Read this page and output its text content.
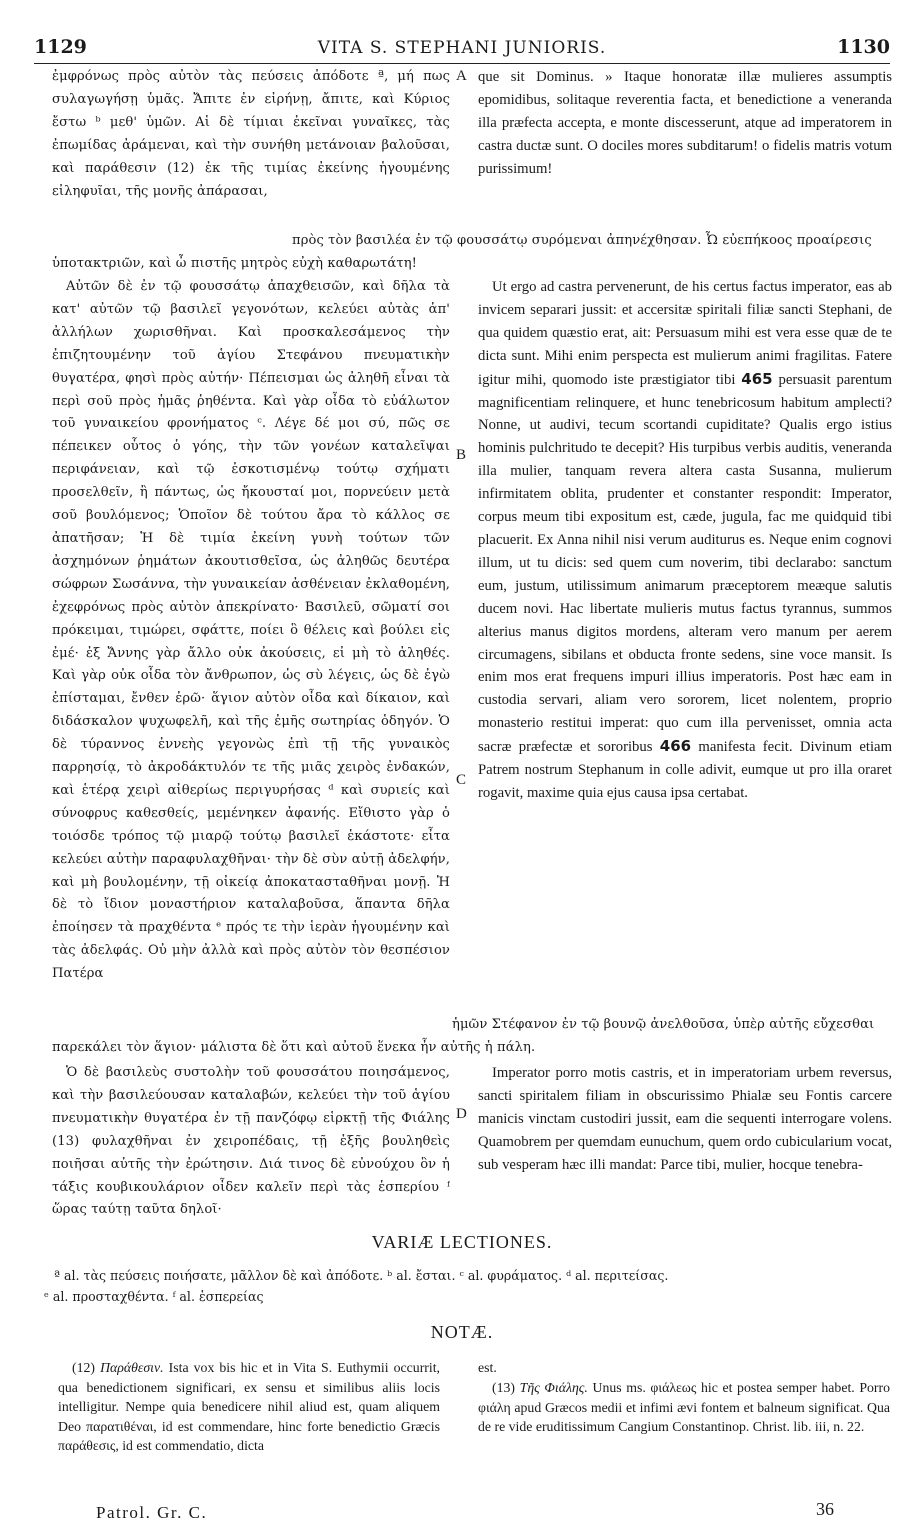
1129	VITA S. STEPHANI JUNIORIS.	1130

ἐμφρόνως πρὸς αὐτὸν τὰς πεύσεις ἀπόδοτε ª, μή πως συλαγωγήσῃ ὑμᾶς. Ἄπιτε ἐν εἰρήνῃ, ἄπιτε, καὶ Κύριος ἔστω ᵇ μεθ' ὑμῶν. Αἱ δὲ τίμιαι ἐκεῖναι γυναῖκες, τὰς ἐπωμίδας ἀράμεναι, καὶ τὴν συνήθη μετάνοιαν βαλοῦσαι, καὶ παράθεσιν (12) ἐκ τῆς τιμίας ἐκείνης ἡγουμένης εἰληφυῖαι, τῆς μονῆς ἀπάρασαι,

πρὸς τὸν βασιλέα ἐν τῷ φουσσάτῳ συρόμεναι ἀπηνέχθησαν. Ὦ εὐεπήκοος προαίρεσις ὑποτακτριῶν, καὶ ὦ πιστῆς μητρὸς εὐχὴ καθαρωτάτη!

Αὐτῶν δὲ ἐν τῷ φουσσάτῳ ἀπαχθεισῶν, καὶ δῆλα τὰ κατ' αὐτῶν τῷ βασιλεῖ γεγονότων, κελεύει αὐτὰς ἀπ' ἀλλήλων χωρισθῆναι. Καὶ προσκαλεσάμενος τὴν ἐπιζητουμένην τοῦ ἁγίου Στεφάνου πνευματικὴν θυγατέρα, φησὶ πρὸς αὐτήν· Πέπεισμαι ὡς ἀληθῆ εἶναι τὰ περὶ σοῦ πρὸς ἡμᾶς ῥηθέντα. Καὶ γὰρ οἶδα τὸ εὐάλωτον τοῦ γυναικείου φρονήματος ᶜ. Λέγε δέ μοι σύ, πῶς σε πέπεικεν οὗτος ὁ γόης, τὴν τῶν γονέων καταλεῖψαι περιφάνειαν, καὶ τῷ ἐσκοτισμένῳ τούτῳ σχήματι προσελθεῖν, ἢ πάντως, ὡς ἤκουσταί μοι, πορνεύειν μετὰ σοῦ βουλόμενος; Ὁποῖον δὲ τούτου ἄρα τὸ κάλλος σε ἀπατῆσαν; Ἡ δὲ τιμία ἐκείνη γυνὴ τούτων τῶν ἀσχημόνων ῥημάτων ἀκουτισθεῖσα, ὡς ἀληθῶς δευτέρα σώφρων Σωσάννα, τὴν γυναικείαν ἀσθένειαν ἐκλαθομένη, ἐχεφρόνως πρὸς αὐτὸν ἀπεκρίνατο· Βασιλεῦ, σῶματί σοι πρόκειμαι, τιμώρει, σφάττε, ποίει ὃ θέλεις καὶ βούλει εἰς ἐμέ· ἐξ Ἄννης γὰρ ἄλλο οὐκ ἀκούσεις, εἰ μὴ τὸ ἀληθές. Καὶ γὰρ οὐκ οἶδα τὸν ἄνθρωπον, ὡς σὺ λέγεις, ὡς δὲ ἐγὼ ἐπίσταμαι, ἔνθεν ἐρῶ· ἅγιον αὐτὸν οἶδα καὶ δίκαιον, καὶ διδάσκαλον ψυχωφελῆ, καὶ τῆς ἐμῆς σωτηρίας ὁδηγόν. Ὁ δὲ τύραννος ἐννεὴς γεγονὼς ἐπὶ τῇ τῆς γυναικὸς παρρησίᾳ, τὸ ἀκροδάκτυλόν τε τῆς μιᾶς χειρὸς ἐνδακών, καὶ ἑτέρᾳ χειρὶ αἰθερίως περιγυρήσας ᵈ καὶ συριείς καὶ σύνοφρυς καθεσθείς, μεμένηκεν ἀφανής. Εἴθιστο γὰρ ὁ τοιόσδε τρόπος τῷ μιαρῷ τούτῳ βασιλεῖ ἑκάστοτε· εἶτα κελεύει αὐτὴν παραφυλαχθῆναι· τὴν δὲ σὺν αὐτῇ ἀδελφήν, καὶ μὴ βουλομένην, τῇ οἰκείᾳ ἀποκατασταθῆναι μονῇ. Ἡ δὲ τὸ ἴδιον μοναστήριον καταλαβοῦσα, ἅπαντα δῆλα ἐποίησεν τὰ πραχθέντα ᵉ πρός τε τὴν ἱερὰν ἡγουμένην καὶ τὰς ἀδελφάς. Οὐ μὴν ἀλλὰ καὶ πρὸς αὐτὸν τὸν θεσπέσιον Πατέρα

ἡμῶν Στέφανον ἐν τῷ βουνῷ ἀνελθοῦσα, ὑπὲρ αὐτῆς εὔχεσθαι παρεκάλει τὸν ἅγιον· μάλιστα δὲ ὅτι καὶ αὐτοῦ ἕνεκα ἦν αὐτῆς ἡ πάλη.

Ὁ δὲ βασιλεὺς συστολὴν τοῦ φουσσάτου ποιησάμενος, καὶ τὴν βασιλεύουσαν καταλαβών, κελεύει τὴν τοῦ ἁγίου πνευματικὴν θυγατέρα ἐν τῇ πανζόφῳ εἱρκτῇ τῆς Φιάλης (13) φυλαχθῆναι ἐν χειροπέδαις, τῇ ἑξῆς βουληθεὶς ποιῆσαι αὐτῆς τὴν ἐρώτησιν. Διά τινος δὲ εὐνούχου ὃν ἡ τάξις κουβικουλάριον οἶδεν καλεῖν περὶ τὰς ἑσπερίου ᶠ ὥρας ταύτῃ ταῦτα δηλοῖ·

que sit Dominus. » Itaque honoratæ illæ mulieres assumptis epomidibus, solitaque reverentia facta, et benedictione a veneranda illa præfecta accepta, e monte discesserunt, atque ad imperatorem in castra ductæ sunt. O dociles mores subditarum! o fidelis matris votum purissimum!

Ut ergo ad castra pervenerunt, de his certus factus imperator, eas ab invicem separari jussit: et accersitæ spiritali filiæ sancti Stephani, de qua quidem quæstio erat, ait: Persuasum mihi est vera esse quæ de te dicta sunt. Mihi enim perspecta est mulierum animi fragilitas. Fatere igitur mihi, quomodo iste præstigiator tibi 465 persuasit parentum magnificentiam relinquere, et hunc tenebricosum habitum amplecti? Nonne, ut audivi, tecum scortandi cupiditate? Qualis ergo istius hominis pulchritudo te decepit? His turpibus verbis auditis, veneranda illa mulier, tanquam revera altera casta Susanna, mulierum infirmitatem oblita, prudenter et constanter respondit: Imperator, corpus meum tibi expositum est, cæde, jugula, fac me quidquid tibi placuerit. Ex Anna nihil nisi verum auditurus es. Neque enim cognovi illum, ut tu dicis: sed quem cum noverim, tibi declarabo: sanctum eum, justum, utilissimum animarum præceptorem meæque salutis ducem novi. Hac libertate mulieris mutus factus tyrannus, summos alterius manus digitos mordens, alteram vero manum per aerem circumagens, sibilans et obducta fronte sedens, sine voce mansit. Is enim mos erat frequens impuri illius imperatoris. Post hæc eam in custodia servari, aliam vero sororem, licet nolentem, proprio monasterio restitui imperat: quo cum illa pervenisset, omnia acta sacræ præfectæ et sororibus 466 manifesta fecit. Divinum etiam Patrem nostrum Stephanum in colle adivit, eumque ut pro illa oraret rogavit, maxime quia ejus causa ipsa certabat.

Imperator porro motis castris, et in imperatoriam urbem reversus, sancti spiritalem filiam in obscurissimo Phialæ seu Fontis carcere manicis vinctam custodiri jussit, eam die sequenti interrogare volens. Quamobrem per quemdam eunuchum, quem ordo cubicularium vocat, sub vesperam hæc illi mandat: Parce tibi, mulier, hocque tenebra-

A
B
C
D
VARIÆ LECTIONES.
ª al. τὰς πεύσεις ποιήσατε, μᾶλλον δὲ καὶ ἀπόδοτε. ᵇ al. ἔσται. ᶜ al. φυράματος. ᵈ al. περιτείσας.
ᵉ al. προσταχθέντα. ᶠ al. ἑσπερείας
NOTÆ.

(12) Παράθεσιν. Ista vox bis hic et in Vita S. Euthymii occurrit, qua benedictionem significari, ex sensu et similibus aliis locis intelligitur. Nempe quia benedicere nihil aliud est, quam aliquem Deo παρατιθέναι, id est commendare, hinc forte benedictio Græcis παράθεσις, id est commendatio, dicta

est.

(13) Τῆς Φιάλης. Unus ms. φιάλεως hic et postea semper habet. Porro φιάλη apud Græcos medii et infimi ævi fontem et balneum significat. Qua de re vide eruditissimum Cangium Constantinop. Christ. lib. iii, n. 22.

Patrol. Gr. C.	36
